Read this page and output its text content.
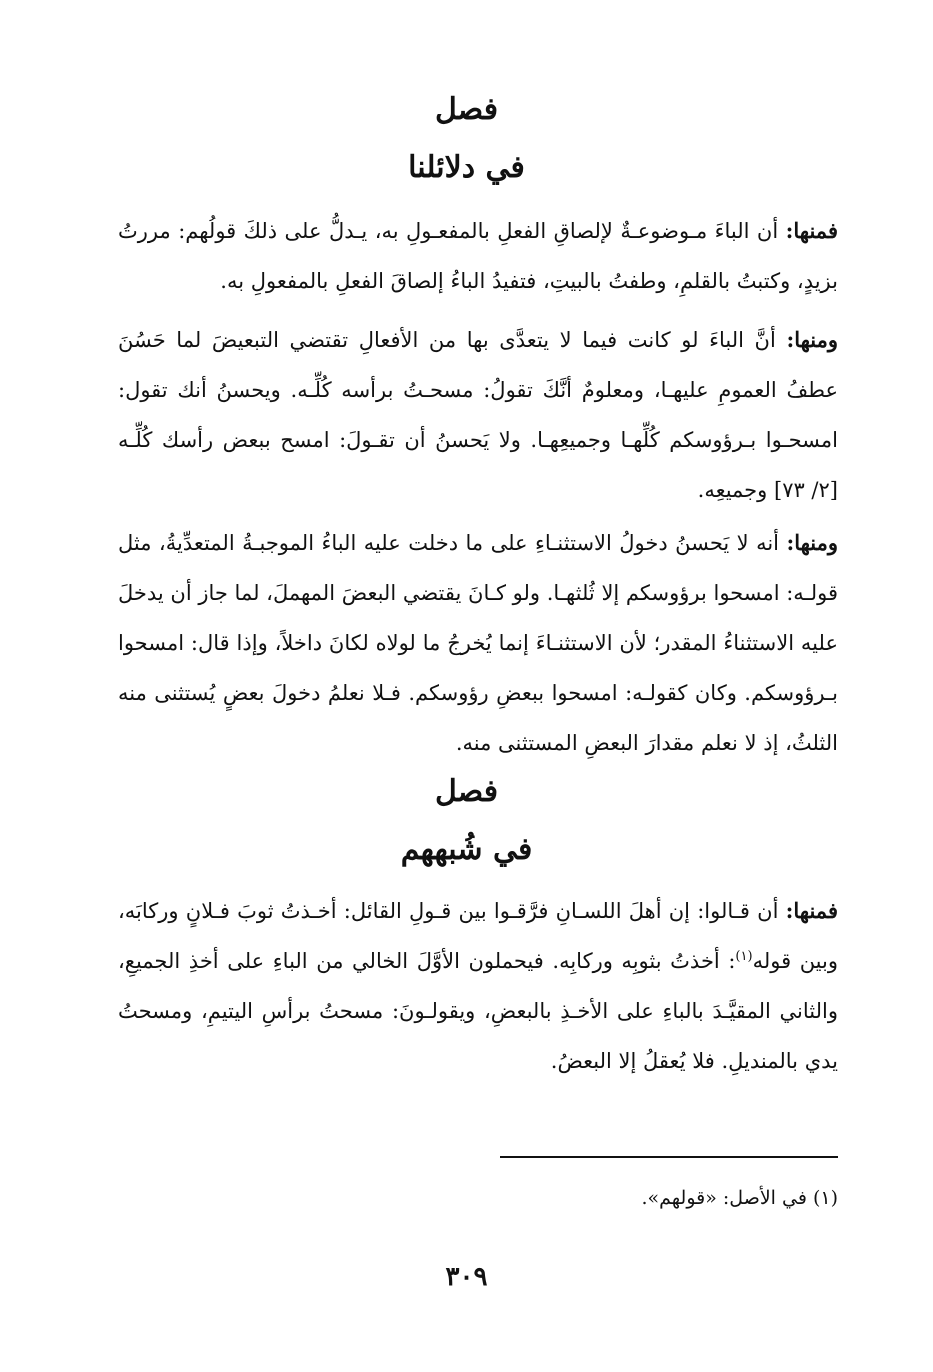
فصل
في دلائلنا

فمنها: أن الباءَ مـوضوعـةٌ لإلصاقِ الفعلِ بالمفعـولِ به، يـدلُّ على ذلكَ قولُهم: مررتُ بزيدٍ، وكتبتُ بالقلمِ، وطفتُ بالبيتِ، فتفيدُ الباءُ إلصاقَ الفعلِ بالمفعولِ به.

ومنها: أنَّ الباءَ لو كانت فيما لا يتعدَّى بها من الأفعالِ تقتضي التبعيضَ لما حَسُنَ عطفُ العمومِ عليهـا، ومعلومٌ أنَّكَ تقولُ: مسحـتُ برأسه كُلِّـه. ويحسنُ أنك تقول: امسحـوا بـرؤوسكم كُلِّهـا وجميعِهـا. ولا يَحسنُ أن تقـولَ: امسح ببعض رأسك كُلِّـه [٢/ ٧٣] وجميعِه.

ومنها: أنه لا يَحسنُ دخولُ الاستثنـاءِ على ما دخلت عليه الباءُ الموجبـةُ المتعدِّيةُ، مثل قولـه: امسحوا برؤوسكم إلا ثُلثهـا. ولو كـانَ يقتضي البعضَ المهملَ، لما جاز أن يدخلَ عليه الاستثناءُ المقدر؛ لأن الاستثنـاءَ إنما يُخرجُ ما لولاه لكانَ داخلاً، وإذا قال: امسحوا بـرؤوسكم. وكان كقولـه: امسحوا ببعضِ رؤوسكم. فـلا نعلمُ دخولَ بعضٍ يُستثنى منه الثلثُ، إذ لا نعلم مقدارَ البعضِ المستثنى منه.

فصل
في شُبههم

فمنها: أن قـالوا: إن أهلَ اللسـانِ فرَّقـوا بين قـولِ القائل: أخـذتُ ثوبَ فـلانٍ وركابَه، وبين قوله$^{(١)}$: أخذتُ بثوبِه وركابِه. فيحملون الأوَّلَ الخالي من الباءِ على أخذِ الجميعِ، والثاني المقيَّـدَ بالباءِ على الأخـذِ بالبعضِ، ويقولـونَ: مسحتُ برأسِ اليتيمِ، ومسحتُ يدي بالمنديلِ. فلا يُعقلُ إلا البعضُ.

(١) في الأصل: «قولهم».

٣٠٩
